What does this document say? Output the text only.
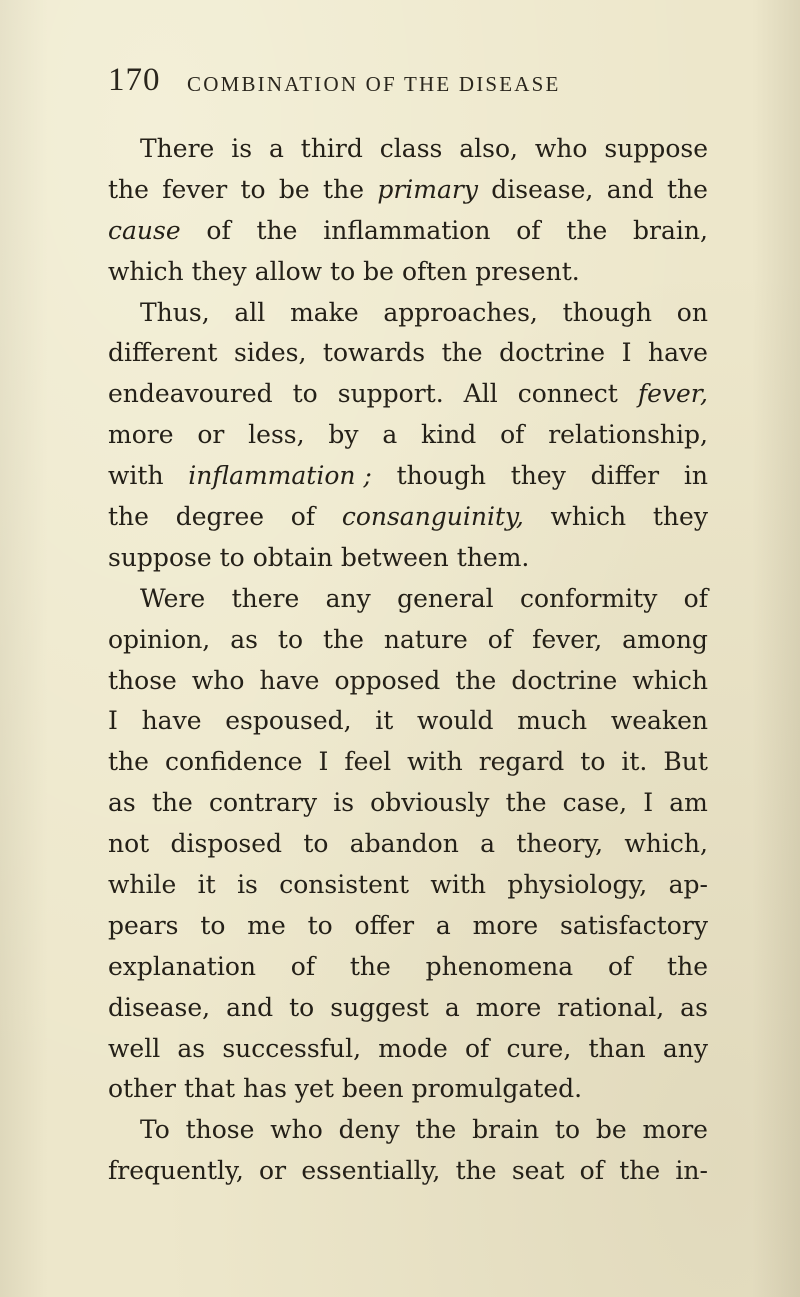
170 COMBINATION OF THE DISEASE
There is a third class also, who suppose
the fever to be the primary disease, and the
cause of the inflammation of the brain,
which they allow to be often present.
Thus, all make approaches, though on
different sides, towards the doctrine I have
endeavoured to support. All connect fever,
more or less, by a kind of relationship,
with inflammation ; though they differ in
the degree of consanguinity, which they
suppose to obtain between them.
Were there any general conformity of
opinion, as to the nature of fever, among
those who have opposed the doctrine which
I have espoused, it would much weaken
the confidence I feel with regard to it. But
as the contrary is obviously the case, I am
not disposed to abandon a theory, which,
while it is consistent with physiology, ap-
pears to me to offer a more satisfactory
explanation of the phenomena of the
disease, and to suggest a more rational, as
well as successful, mode of cure, than any
other that has yet been promulgated.
To those who deny the brain to be more
frequently, or essentially, the seat of the in-
